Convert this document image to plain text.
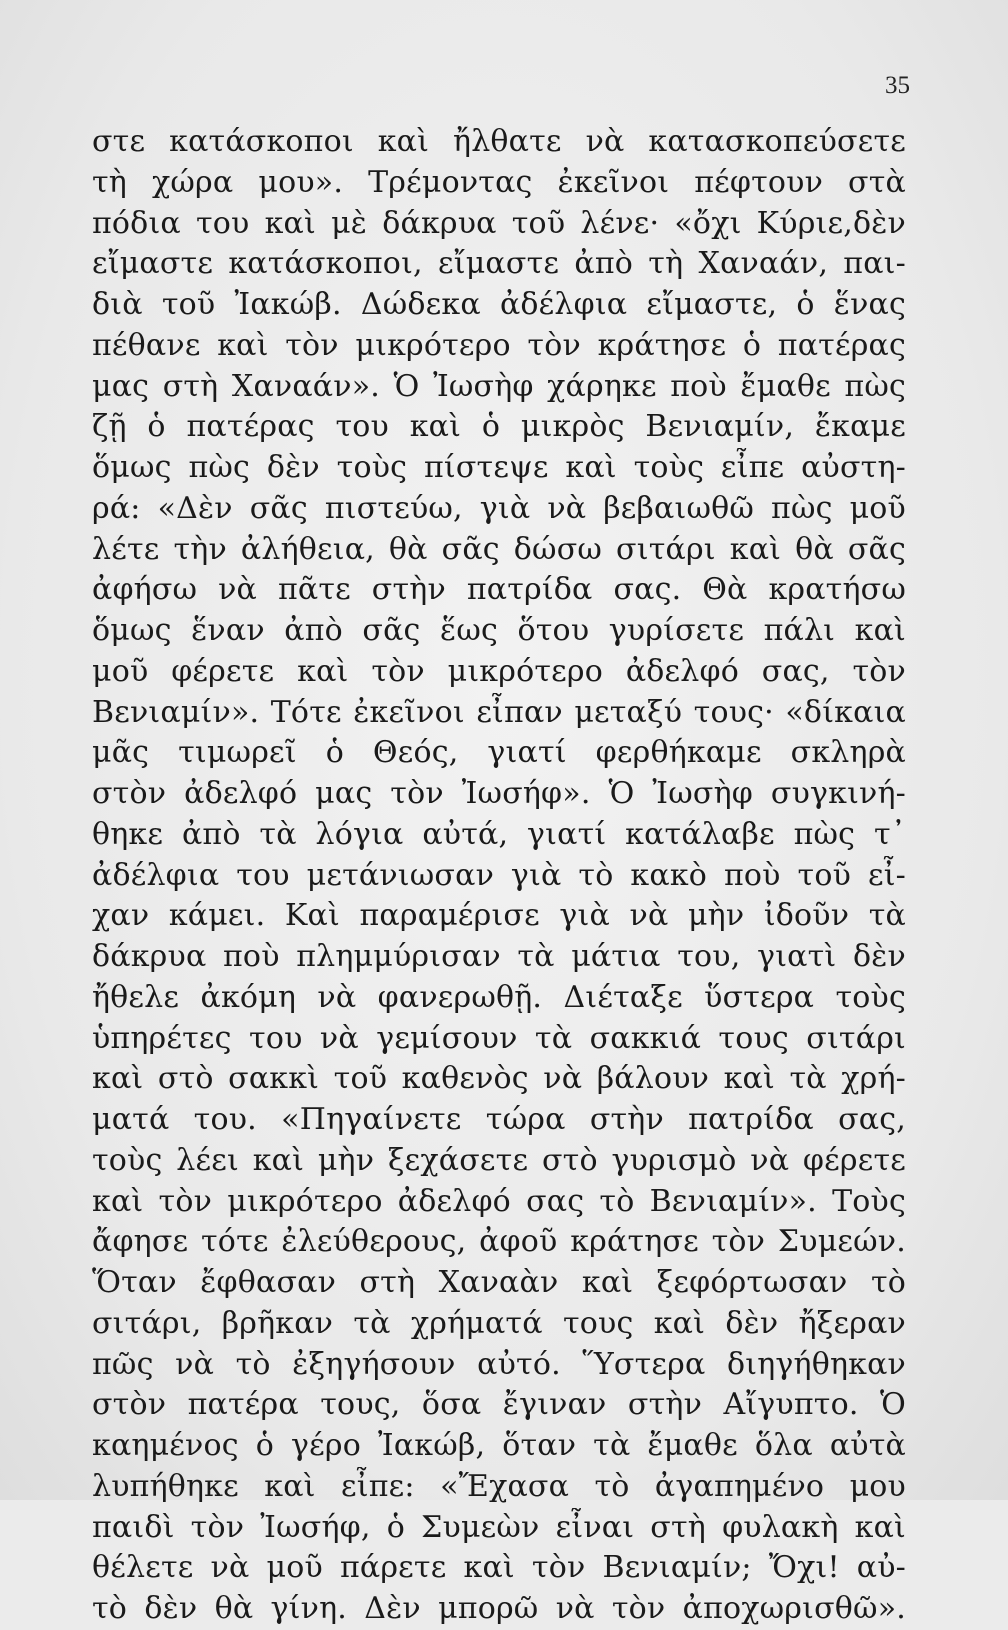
35
στε κατάσκοποι καὶ ἤλθατε νὰ κατασκοπεύσετε
τὴ χώρα μου». Τρέμοντας ἐκεῖνοι πέφτουν στὰ
πόδια του καὶ μὲ δάκρυα τοῦ λένε· «ὄχι Κύριε,δὲν
εἴμαστε κατάσκοποι, εἴμαστε ἀπὸ τὴ Χαναάν, παι-
διὰ τοῦ Ἰακώβ. Δώδεκα ἀδέλφια εἴμαστε, ὁ ἕνας
πέθανε καὶ τὸν μικρότερο τὸν κράτησε ὁ πατέρας
μας στὴ Χαναάν». Ὁ Ἰωσὴφ χάρηκε ποὺ ἔμαθε πὼς
ζῇ ὁ πατέρας του καὶ ὁ μικρὸς Βενιαμίν, ἔκαμε
ὅμως πὼς δὲν τοὺς πίστεψε καὶ τοὺς εἶπε αὐστη-
ρά: «Δὲν σᾶς πιστεύω, γιὰ νὰ βεβαιωθῶ πὼς μοῦ
λέτε τὴν ἀλήθεια, θὰ σᾶς δώσω σιτάρι καὶ θὰ σᾶς
ἀφήσω νὰ πᾶτε στὴν πατρίδα σας. Θὰ κρατήσω
ὅμως ἕναν ἀπὸ σᾶς ἕως ὅτου γυρίσετε πάλι καὶ
μοῦ φέρετε καὶ τὸν μικρότερο ἀδελφό σας, τὸν
Βενιαμίν». Τότε ἐκεῖνοι εἶπαν μεταξύ τους· «δίκαια
μᾶς τιμωρεῖ ὁ Θεός, γιατί φερθήκαμε σκληρὰ
στὸν ἀδελφό μας τὸν Ἰωσήφ». Ὁ Ἰωσὴφ συγκινή-
θηκε ἀπὸ τὰ λόγια αὐτά, γιατί κατάλαβε πὼς τ᾽
ἀδέλφια του μετάνιωσαν γιὰ τὸ κακὸ ποὺ τοῦ εἶ-
χαν κάμει. Καὶ παραμέρισε γιὰ νὰ μὴν ἰδοῦν τὰ
δάκρυα ποὺ πλημμύρισαν τὰ μάτια του, γιατὶ δὲν
ἤθελε ἀκόμη νὰ φανερωθῇ. Διέταξε ὕστερα τοὺς
ὑπηρέτες του νὰ γεμίσουν τὰ σακκιά τους σιτάρι
καὶ στὸ σακκὶ τοῦ καθενὸς νὰ βάλουν καὶ τὰ χρή-
ματά του. «Πηγαίνετε τώρα στὴν πατρίδα σας,
τοὺς λέει καὶ μὴν ξεχάσετε στὸ γυρισμὸ νὰ φέρετε
καὶ τὸν μικρότερο ἀδελφό σας τὸ Βενιαμίν». Τοὺς
ἄφησε τότε ἐλεύθερους, ἀφοῦ κράτησε τὸν Συμεών.
Ὅταν ἔφθασαν στὴ Χαναὰν καὶ ξεφόρτωσαν τὸ
σιτάρι, βρῆκαν τὰ χρήματά τους καὶ δὲν ἤξεραν
πῶς νὰ τὸ ἐξηγήσουν αὐτό. Ὕστερα διηγήθηκαν
στὸν πατέρα τους, ὅσα ἔγιναν στὴν Αἴγυπτο. Ὁ
καημένος ὁ γέρο Ἰακώβ, ὅταν τὰ ἔμαθε ὅλα αὐτὰ
λυπήθηκε καὶ εἶπε: «Ἔχασα τὸ ἀγαπημένο μου
παιδὶ τὸν Ἰωσήφ, ὁ Συμεὼν εἶναι στὴ φυλακὴ καὶ
θέλετε νὰ μοῦ πάρετε καὶ τὸν Βενιαμίν; Ὄχι! αὐ-
τὸ δὲν θὰ γίνη. Δὲν μπορῶ νὰ τὸν ἀποχωρισθῶ».
